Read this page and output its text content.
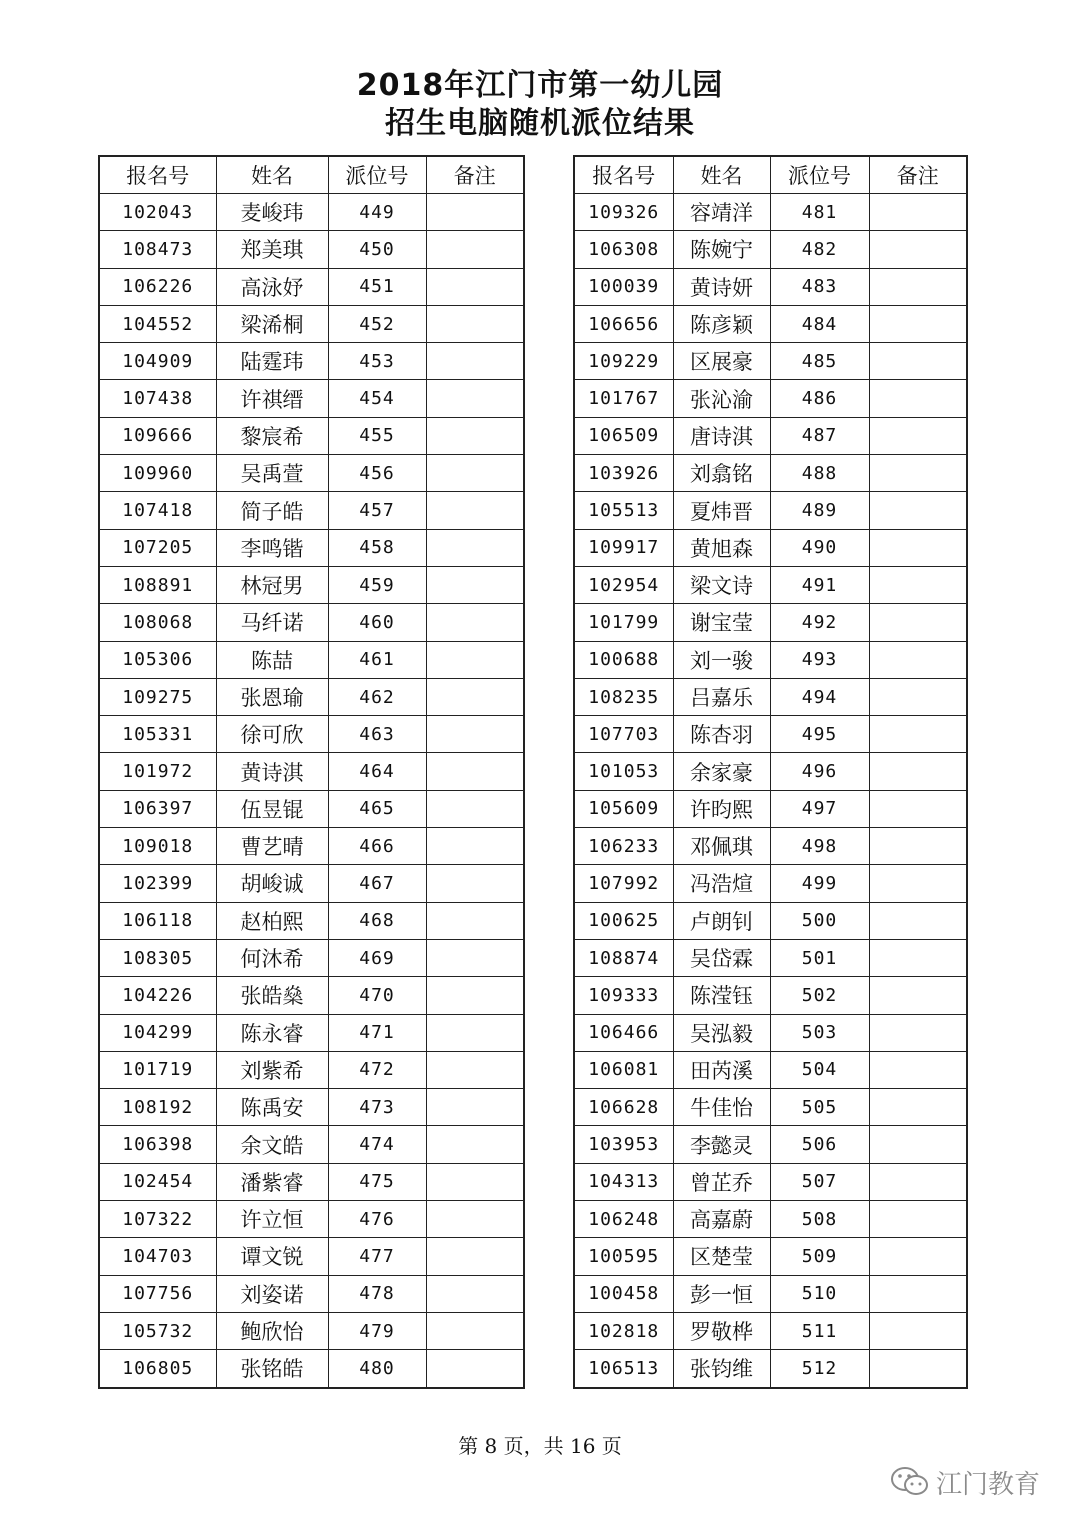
2018年江门市第一幼儿园
招生电脑随机派位结果
报名号	姓名	派位号	备注
102043	麦峻玮	449	
108473	郑美琪	450	
106226	高泳妤	451	
104552	梁浠桐	452	
104909	陆霆玮	453	
107438	许祺缙	454	
109666	黎宸希	455	
109960	吴禹萱	456	
107418	简子皓	457	
107205	李鸣锴	458	
108891	林冠男	459	
108068	马纤诺	460	
105306	陈喆	461	
109275	张恩瑜	462	
105331	徐可欣	463	
101972	黄诗淇	464	
106397	伍昱锟	465	
109018	曹艺晴	466	
102399	胡峻诚	467	
106118	赵柏熙	468	
108305	何沐希	469	
104226	张皓燊	470	
104299	陈永睿	471	
101719	刘紫希	472	
108192	陈禹安	473	
106398	余文皓	474	
102454	潘紫睿	475	
107322	许立恒	476	
104703	谭文锐	477	
107756	刘姿诺	478	
105732	鲍欣怡	479	
106805	张铭皓	480	
报名号	姓名	派位号	备注
109326	容靖洋	481	
106308	陈婉宁	482	
100039	黄诗妍	483	
106656	陈彦颖	484	
109229	区展豪	485	
101767	张沁渝	486	
106509	唐诗淇	487	
103926	刘翕铭	488	
105513	夏炜晋	489	
109917	黄旭森	490	
102954	梁文诗	491	
101799	谢宝莹	492	
100688	刘一骏	493	
108235	吕嘉乐	494	
107703	陈杏羽	495	
101053	余家豪	496	
105609	许昀熙	497	
106233	邓佩琪	498	
107992	冯浩煊	499	
100625	卢朗钊	500	
108874	吴岱霖	501	
109333	陈滢钰	502	
106466	吴泓毅	503	
106081	田芮溪	504	
106628	牛佳怡	505	
103953	李懿灵	506	
104313	曾芷乔	507	
106248	高嘉蔚	508	
100595	区楚莹	509	
100458	彭一恒	510	
102818	罗敬桦	511	
106513	张钧维	512	
第 8 页，共 16 页
江门教育
